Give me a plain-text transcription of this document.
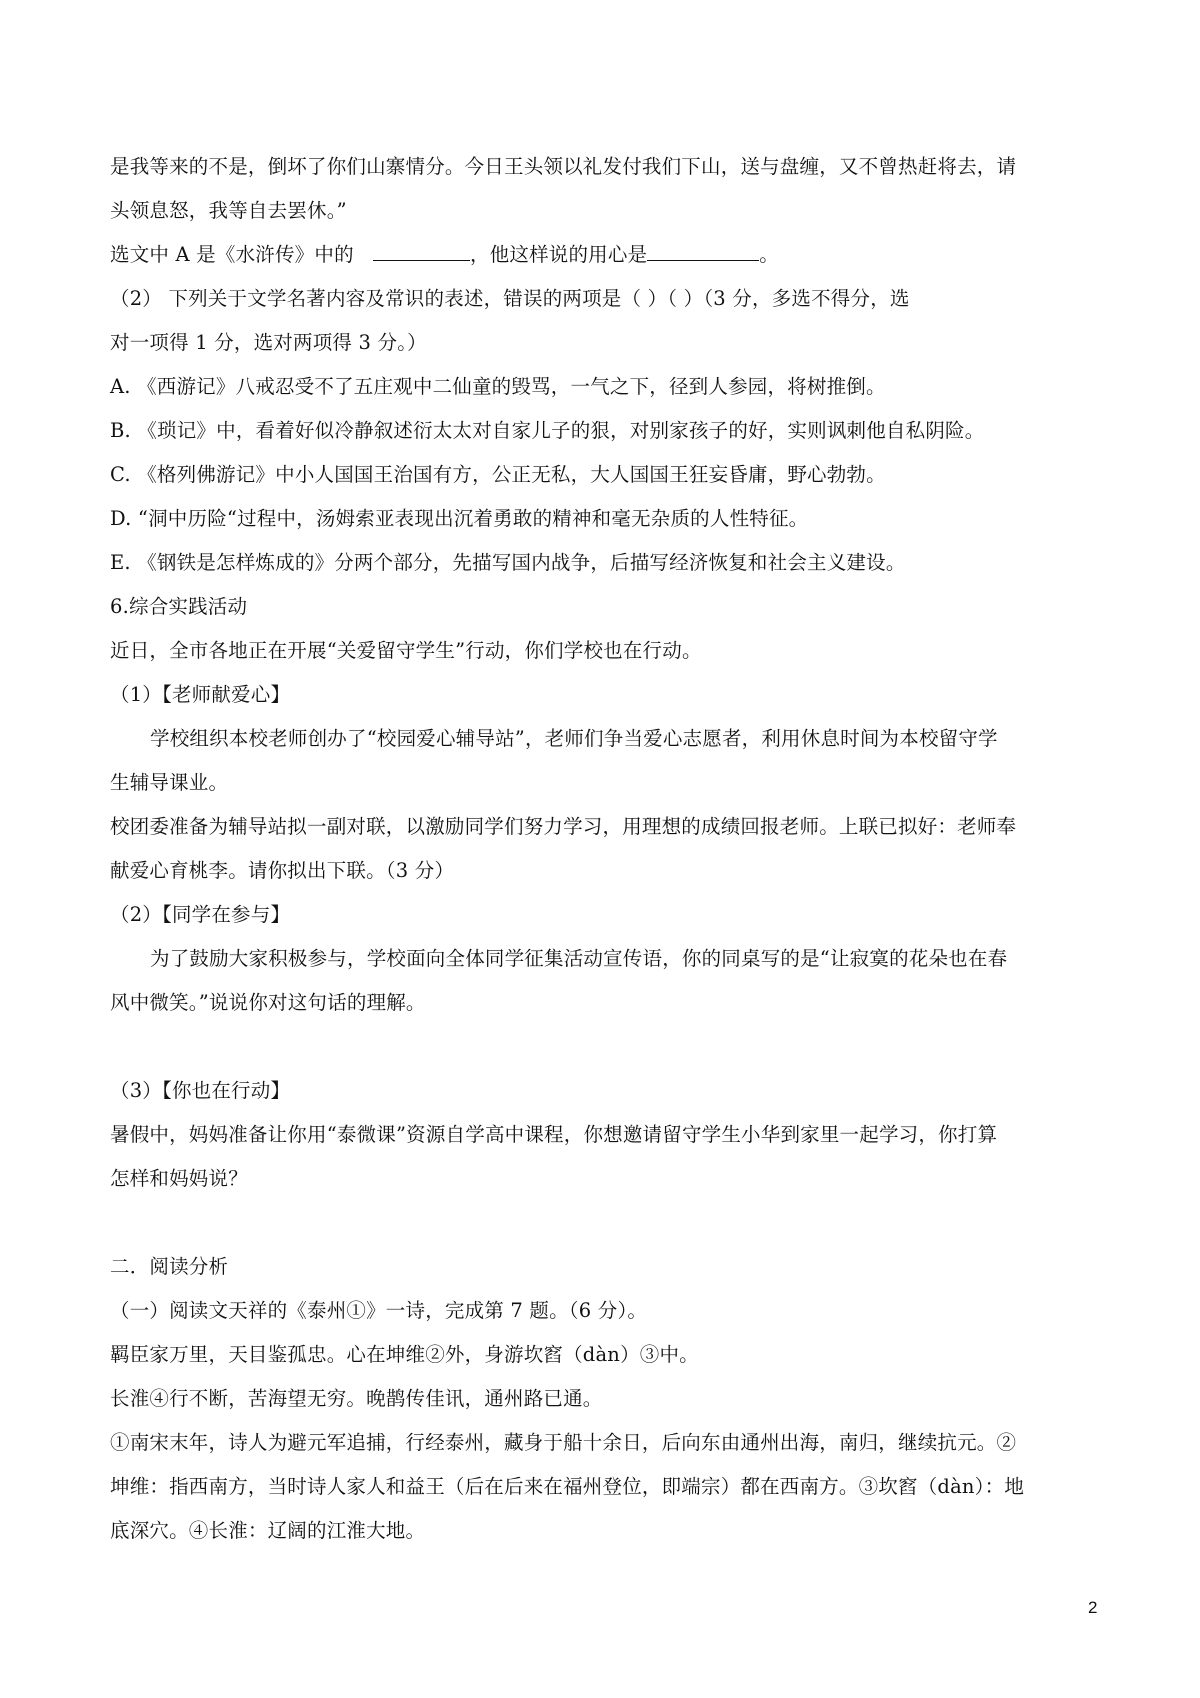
是我等来的不是，倒坏了你们山寨情分。今日王头领以礼发付我们下山，送与盘缠，又不曾热赶将去，请

头领息怒，我等自去罢休。”

选文中 A 是《水浒传》中的	，他这样说的用心是	。

（2） 下列关于文学名著内容及常识的表述，错误的两项是（ ）（ ）（3 分，多选不得分，选

对一项得 1 分，选对两项得 3 分。）

A. 《西游记》八戒忍受不了五庄观中二仙童的毁骂，一气之下，径到人参园，将树推倒。

B. 《琐记》中，看着好似冷静叙述衍太太对自家儿子的狠，对别家孩子的好，实则讽刺他自私阴险。

C. 《格列佛游记》中小人国国王治国有方，公正无私，大人国国王狂妄昏庸，野心勃勃。

D. “洞中历险“过程中，汤姆索亚表现出沉着勇敢的精神和毫无杂质的人性特征。

E. 《钢铁是怎样炼成的》分两个部分，先描写国内战争，后描写经济恢复和社会主义建设。

6.综合实践活动

近日，全市各地正在开展“关爱留守学生”行动，你们学校也在行动。

（1）【老师献爱心】

学校组织本校老师创办了“校园爱心辅导站”，老师们争当爱心志愿者，利用休息时间为本校留守学

生辅导课业。

校团委准备为辅导站拟一副对联，以激励同学们努力学习，用理想的成绩回报老师。上联已拟好：老师奉

献爱心育桃李。请你拟出下联。（3 分）

（2）【同学在参与】

为了鼓励大家积极参与，学校面向全体同学征集活动宣传语，你的同桌写的是“让寂寞的花朵也在春

风中微笑。”说说你对这句话的理解。

（3）【你也在行动】

暑假中，妈妈准备让你用“泰微课”资源自学高中课程，你想邀请留守学生小华到家里一起学习，你打算

怎样和妈妈说？

二．阅读分析

（一）阅读文天祥的《泰州①》一诗，完成第 7 题。（6 分）。

羁臣家万里，天目鉴孤忠。心在坤维②外，身游坎窞（dàn）③中。

长淮④行不断，苦海望无穷。晚鹊传佳讯，通州路已通。

①南宋末年，诗人为避元军追捕，行经泰州，藏身于船十余日，后向东由通州出海，南归，继续抗元。②

坤维：指西南方，当时诗人家人和益王（后在后来在福州登位，即端宗）都在西南方。③坎窞（dàn）：地

底深穴。④长淮：辽阔的江淮大地。

2
